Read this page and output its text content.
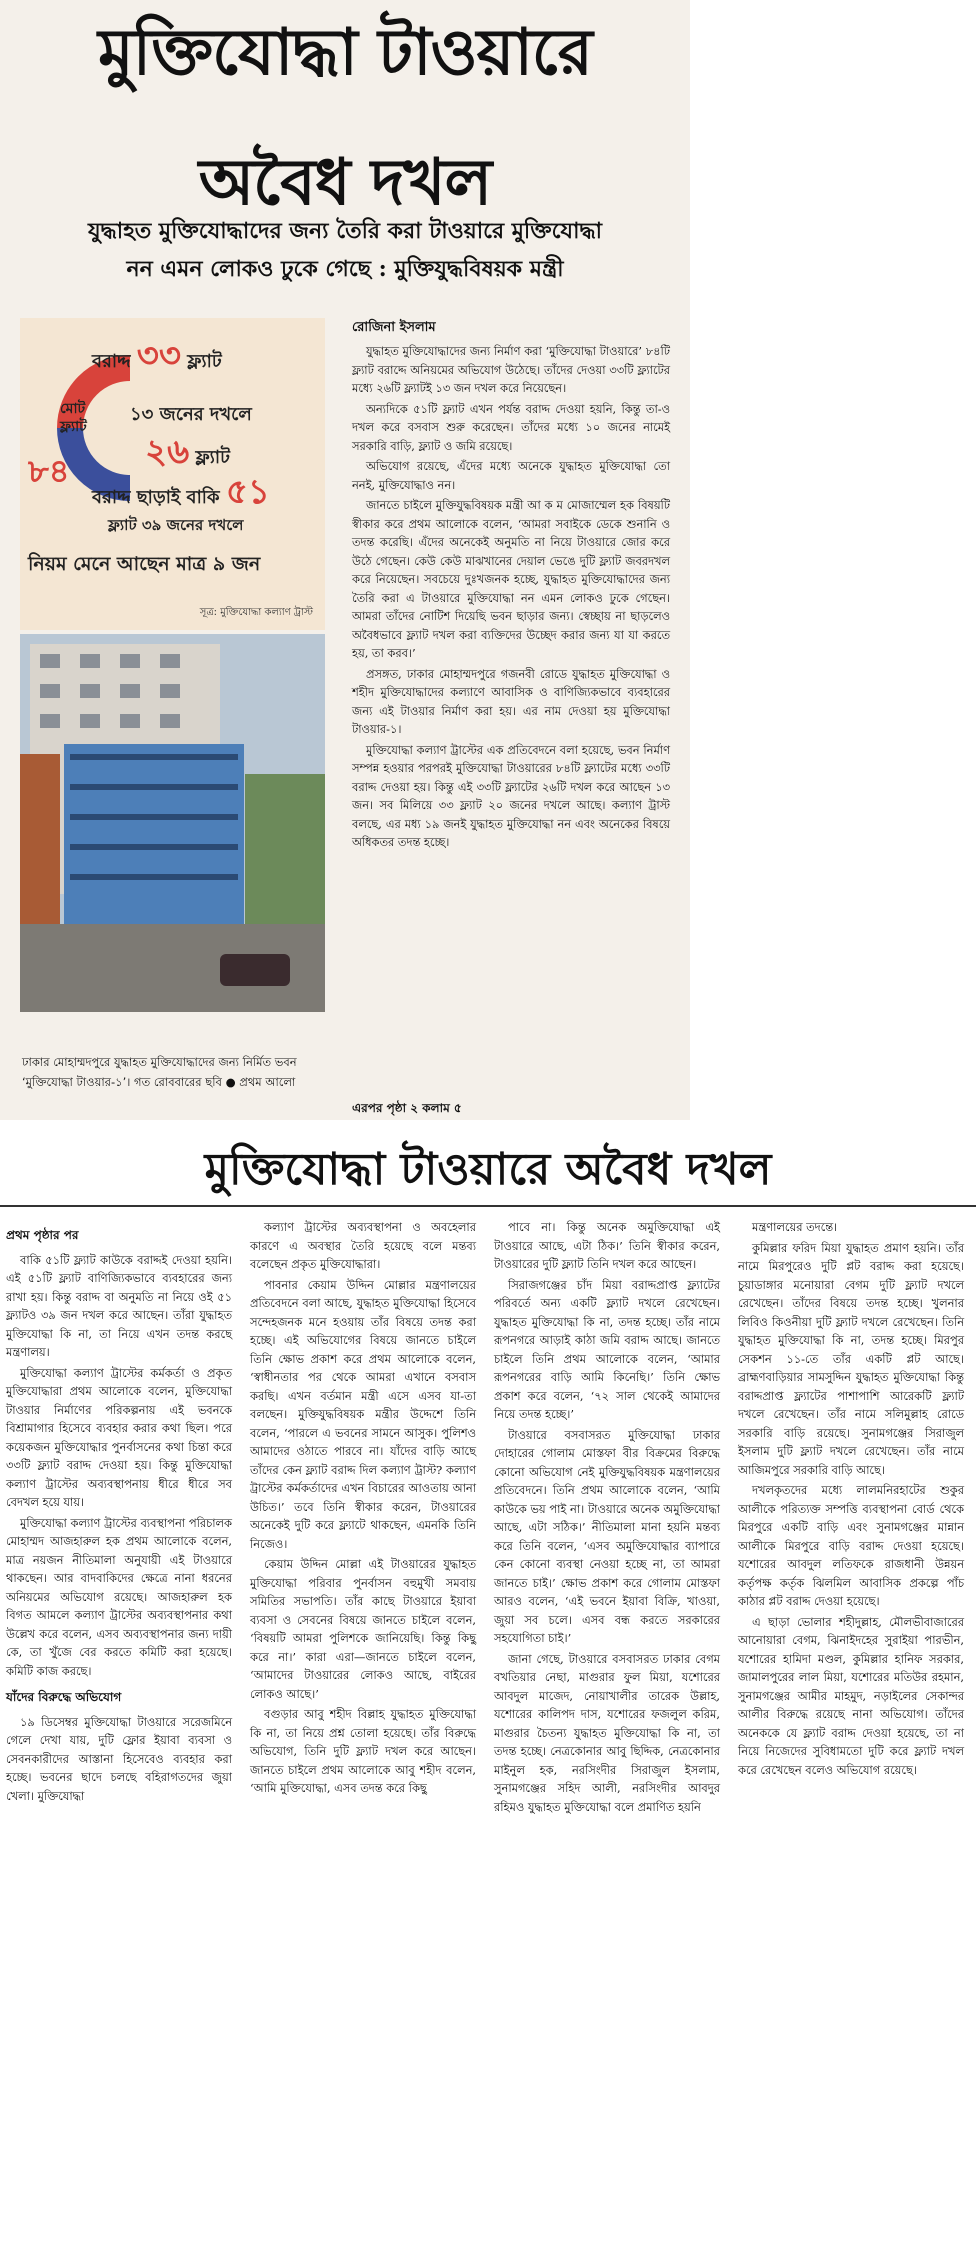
মুক্তিযোদ্ধা টাওয়ারে
অবৈধ দখল
যুদ্ধাহত মুক্তিযোদ্ধাদের জন্য তৈরি করা টাওয়ারে মুক্তিযোদ্ধা
নন এমন লোকও ঢুকে গেছে : মুক্তিযুদ্ধবিষয়ক মন্ত্রী
বরাদ্দ ৩৩ ফ্ল্যাট
মোট ফ্ল্যাট
৮৪
১৩ জনের দখলে
২৬ ফ্ল্যাট
বরাদ্দ ছাড়াই বাকি ৫১
ফ্ল্যাট ৩৯ জনের দখলে
নিয়ম মেনে আছেন মাত্র ৯ জন
সূত্র: মুক্তিযোদ্ধা কল্যাণ ট্রাস্ট
ঢাকার মোহাম্মদপুরে যুদ্ধাহত মুক্তিযোদ্ধাদের জন্য নির্মিত ভবন ‘মুক্তিযোদ্ধা টাওয়ার-১’। গত রোববারের ছবি ● প্রথম আলো
রোজিনা ইসলাম

যুদ্ধাহত মুক্তিযোদ্ধাদের জন্য নির্মাণ করা ‘মুক্তিযোদ্ধা টাওয়ারে’ ৮৪টি ফ্ল্যাট বরাদ্দে অনিয়মের অভিযোগ উঠেছে। তাঁদের দেওয়া ৩৩টি ফ্ল্যাটের মধ্যে ২৬টি ফ্ল্যাটই ১৩ জন দখল করে নিয়েছেন।

অন্যদিকে ৫১টি ফ্ল্যাট এখন পর্যন্ত বরাদ্দ দেওয়া হয়নি, কিন্তু তা-ও দখল করে বসবাস শুরু করেছেন। তাঁদের মধ্যে ১০ জনের নামেই সরকারি বাড়ি, ফ্ল্যাট ও জমি রয়েছে।

অভিযোগ রয়েছে, এঁদের মধ্যে অনেকে যুদ্ধাহত মুক্তিযোদ্ধা তো ননই, মুক্তিযোদ্ধাও নন।

জানতে চাইলে মুক্তিযুদ্ধবিষয়ক মন্ত্রী আ ক ম মোজাম্মেল হক বিষয়টি স্বীকার করে প্রথম আলোকে বলেন, ‘আমরা সবাইকে ডেকে শুনানি ও তদন্ত করেছি। এঁদের অনেকেই অনুমতি না নিয়ে টাওয়ারে জোর করে উঠে গেছেন। কেউ কেউ মাঝখানের দেয়াল ভেঙে দুটি ফ্ল্যাট জবরদখল করে নিয়েছেন। সবচেয়ে দুঃখজনক হচ্ছে, যুদ্ধাহত মুক্তিযোদ্ধাদের জন্য তৈরি করা এ টাওয়ারে মুক্তিযোদ্ধা নন এমন লোকও ঢুকে গেছেন। আমরা তাঁদের নোটিশ দিয়েছি ভবন ছাড়ার জন্য। স্বেচ্ছায় না ছাড়লেও অবৈধভাবে ফ্ল্যাট দখল করা ব্যক্তিদের উচ্ছেদ করার জন্য যা যা করতে হয়, তা করব।’

প্রসঙ্গত, ঢাকার মোহাম্মদপুরে গজনবী রোডে যুদ্ধাহত মুক্তিযোদ্ধা ও শহীদ মুক্তিযোদ্ধাদের কল্যাণে আবাসিক ও বাণিজ্যিকভাবে ব্যবহারের জন্য এই টাওয়ার নির্মাণ করা হয়। এর নাম দেওয়া হয় মুক্তিযোদ্ধা টাওয়ার-১।

মুক্তিযোদ্ধা কল্যাণ ট্রাস্টের এক প্রতিবেদনে বলা হয়েছে, ভবন নির্মাণ সম্পন্ন হওয়ার পরপরই মুক্তিযোদ্ধা টাওয়ারের ৮৪টি ফ্ল্যাটের মধ্যে ৩৩টি বরাদ্দ দেওয়া হয়। কিন্তু এই ৩৩টি ফ্ল্যাটের ২৬টি দখল করে আছেন ১৩ জন। সব মিলিয়ে ৩৩ ফ্ল্যাট ২০ জনের দখলে আছে। কল্যাণ ট্রাস্ট বলছে, এর মধ্য ১৯ জনই যুদ্ধাহত মুক্তিযোদ্ধা নন এবং অনেকের বিষয়ে অধিকতর তদন্ত হচ্ছে।

এরপর পৃষ্ঠা ২ কলাম ৫
মুক্তিযোদ্ধা টাওয়ারে অবৈধ দখল
প্রথম পৃষ্ঠার পর

বাকি ৫১টি ফ্ল্যাট কাউকে বরাদ্দই দেওয়া হয়নি। এই ৫১টি ফ্ল্যাট বাণিজ্যিকভাবে ব্যবহারের জন্য রাখা হয়। কিন্তু বরাদ্দ বা অনুমতি না নিয়ে ওই ৫১ ফ্ল্যাটও ৩৯ জন দখল করে আছেন। তাঁরা যুদ্ধাহত মুক্তিযোদ্ধা কি না, তা নিয়ে এখন তদন্ত করছে মন্ত্রণালয়।

মুক্তিযোদ্ধা কল্যাণ ট্রাস্টের কর্মকর্তা ও প্রকৃত মুক্তিযোদ্ধারা প্রথম আলোকে বলেন, মুক্তিযোদ্ধা টাওয়ার নির্মাণের পরিকল্পনায় এই ভবনকে বিশ্রামাগার হিসেবে ব্যবহার করার কথা ছিল। পরে কয়েকজন মুক্তিযোদ্ধার পুনর্বাসনের কথা চিন্তা করে ৩৩টি ফ্ল্যাট বরাদ্দ দেওয়া হয়। কিন্তু মুক্তিযোদ্ধা কল্যাণ ট্রাস্টের অব্যবস্থাপনায় ধীরে ধীরে সব বেদখল হয়ে যায়।

মুক্তিযোদ্ধা কল্যাণ ট্রাস্টের ব্যবস্থাপনা পরিচালক মোহাম্মদ আজহারুল হক প্রথম আলোকে বলেন, মাত্র নয়জন নীতিমালা অনুযায়ী এই টাওয়ারে থাকছেন। আর বাদবাকিদের ক্ষেত্রে নানা ধরনের অনিয়মের অভিযোগ রয়েছে। আজহারুল হক বিগত আমলে কল্যাণ ট্রাস্টের অব্যবস্থাপনার কথা উল্লেখ করে বলেন, এসব অব্যবস্থাপনার জন্য দায়ী কে, তা খুঁজে বের করতে কমিটি করা হয়েছে। কমিটি কাজ করছে।

যাঁদের বিরুদ্ধে অভিযোগ

১৯ ডিসেম্বর মুক্তিযোদ্ধা টাওয়ারে সরেজমিনে গেলে দেখা যায়, দুটি ফ্লোর ইয়াবা ব্যবসা ও সেবনকারীদের আস্তানা হিসেবেও ব্যবহার করা হচ্ছে। ভবনের ছাদে চলছে বহিরাগতদের জুয়া খেলা। মুক্তিযোদ্ধা

কল্যাণ ট্রাস্টের অব্যবস্থাপনা ও অবহেলার কারণে এ অবস্থার তৈরি হয়েছে বলে মন্তব্য বলেছেন প্রকৃত মুক্তিযোদ্ধারা।

পাবনার কেয়াম উদ্দিন মোল্লার মন্ত্রণালয়ের প্রতিবেদনে বলা আছে, যুদ্ধাহত মুক্তিযোদ্ধা হিসেবে সন্দেহজনক মনে হওয়ায় তাঁর বিষয়ে তদন্ত করা হচ্ছে। এই অভিযোগের বিষয়ে জানতে চাইলে তিনি ক্ষোভ প্রকাশ করে প্রথম আলোকে বলেন, ‘স্বাধীনতার পর থেকে আমরা এখানে বসবাস করছি। এখন বর্তমান মন্ত্রী এসে এসব যা-তা বলছেন। মুক্তিযুদ্ধবিষয়ক মন্ত্রীর উদ্দেশে তিনি বলেন, ‘পারলে এ ভবনের সামনে আসুক। পুলিশও আমাদের ওঠাতে পারবে না। যাঁদের বাড়ি আছে তাঁদের কেন ফ্ল্যাট বরাদ্দ দিল কল্যাণ ট্রাস্ট? কল্যাণ ট্রাস্টের কর্মকর্তাদের এখন বিচারের আওতায় আনা উচিত।’ তবে তিনি স্বীকার করেন, টাওয়ারের অনেকেই দুটি করে ফ্ল্যাটে থাকছেন, এমনকি তিনি নিজেও।

কেয়াম উদ্দিন মোল্লা এই টাওয়ারের যুদ্ধাহত মুক্তিযোদ্ধা পরিবার পুনর্বাসন বহুমুখী সমবায় সমিতির সভাপতি। তাঁর কাছে টাওয়ারে ইয়াবা ব্যবসা ও সেবনের বিষয়ে জানতে চাইলে বলেন, ‘বিষয়টি আমরা পুলিশকে জানিয়েছি। কিন্তু কিছু করে না।’ কারা এরা—জানতে চাইলে বলেন, ‘আমাদের টাওয়ারের লোকও আছে, বাইরের লোকও আছে।’

বগুড়ার আবু শহীদ বিল্লাহ যুদ্ধাহত মুক্তিযোদ্ধা কি না, তা নিয়ে প্রশ্ন তোলা হয়েছে। তাঁর বিরুদ্ধে অভিযোগ, তিনি দুটি ফ্ল্যাট দখল করে আছেন। জানতে চাইলে প্রথম আলোকে আবু শহীদ বলেন, ‘আমি মুক্তিযোদ্ধা, এসব তদন্ত করে কিছু

পাবে না। কিন্তু অনেক অমুক্তিযোদ্ধা এই টাওয়ারে আছে, এটা ঠিক।’ তিনি স্বীকার করেন, টাওয়ারের দুটি ফ্ল্যাট তিনি দখল করে আছেন।

সিরাজগঞ্জের চাঁদ মিয়া বরাদ্দপ্রাপ্ত ফ্ল্যাটের পরিবর্তে অন্য একটি ফ্ল্যাট দখলে রেখেছেন। যুদ্ধাহত মুক্তিযোদ্ধা কি না, তদন্ত হচ্ছে। তাঁর নামে রূপনগরে আড়াই কাঠা জমি বরাদ্দ আছে। জানতে চাইলে তিনি প্রথম আলোকে বলেন, ‘আমার রূপনগরের বাড়ি আমি কিনেছি।’ তিনি ক্ষোভ প্রকাশ করে বলেন, ‘৭২ সাল থেকেই আমাদের নিয়ে তদন্ত হচ্ছে।’

টাওয়ারে বসবাসরত মুক্তিযোদ্ধা ঢাকার দোহারের গোলাম মোস্তফা বীর বিক্রমের বিরুদ্ধে কোনো অভিযোগ নেই মুক্তিযুদ্ধবিষয়ক মন্ত্রণালয়ের প্রতিবেদনে। তিনি প্রথম আলোকে বলেন, ‘আমি কাউকে ভয় পাই না। টাওয়ারে অনেক অমুক্তিযোদ্ধা আছে, এটা সঠিক।’ নীতিমালা মানা হয়নি মন্তব্য করে তিনি বলেন, ‘এসব অমুক্তিযোদ্ধার ব্যাপারে কেন কোনো ব্যবস্থা নেওয়া হচ্ছে না, তা আমরা জানতে চাই।’ ক্ষোভ প্রকাশ করে গোলাম মোস্তফা আরও বলেন, ‘এই ভবনে ইয়াবা বিক্রি, খাওয়া, জুয়া সব চলে। এসব বন্ধ করতে সরকারের সহযোগিতা চাই।’

জানা গেছে, টাওয়ারে বসবাসরত ঢাকার বেগম বখতিয়ার নেছা, মাগুরার ফুল মিয়া, যশোরের আবদুল মাজেদ, নোয়াখালীর তারেক উল্লাহ, যশোরের কালিপদ দাস, যশোরের ফজলুল করিম, মাগুরার চৈতন্য যুদ্ধাহত মুক্তিযোদ্ধা কি না, তা তদন্ত হচ্ছে। নেত্রকোনার আবু ছিদ্দিক, নেত্রকোনার মাইনুল হক, নরসিংদীর সিরাজুল ইসলাম, সুনামগঞ্জের সহিদ আলী, নরসিংদীর আবদুর রহিমও যুদ্ধাহত মুক্তিযোদ্ধা বলে প্রমাণিত হয়নি

মন্ত্রণালয়ের তদন্তে।

কুমিল্লার ফরিদ মিয়া যুদ্ধাহত প্রমাণ হয়নি। তাঁর নামে মিরপুরেও দুটি প্লট বরাদ্দ করা হয়েছে। চুয়াডাঙ্গার মনোয়ারা বেগম দুটি ফ্ল্যাট দখলে রেখেছেন। তাঁদের বিষয়ে তদন্ত হচ্ছে। খুলনার লিবিও কিওনীয়া দুটি ফ্ল্যাট দখলে রেখেছেন। তিনি যুদ্ধাহত মুক্তিযোদ্ধা কি না, তদন্ত হচ্ছে। মিরপুর সেকশন ১১-তে তাঁর একটি প্লট আছে। ব্রাহ্মণবাড়িয়ার সামসুদ্দিন যুদ্ধাহত মুক্তিযোদ্ধা কিন্তু বরাদ্দপ্রাপ্ত ফ্ল্যাটের পাশাপাশি আরেকটি ফ্ল্যাট দখলে রেখেছেন। তাঁর নামে সলিমুল্লাহ রোডে সরকারি বাড়ি রয়েছে। সুনামগঞ্জের সিরাজুল ইসলাম দুটি ফ্ল্যাট দখলে রেখেছেন। তাঁর নামে আজিমপুরে সরকারি বাড়ি আছে।

দখলকৃতদের মধ্যে লালমনিরহাটের শুকুর আলীকে পরিত্যক্ত সম্পত্তি ব্যবস্থাপনা বোর্ড থেকে মিরপুরে একটি বাড়ি এবং সুনামগঞ্জের মান্নান আলীকে মিরপুরে বাড়ি বরাদ্দ দেওয়া হয়েছে। যশোরের আবদুল লতিফকে রাজধানী উন্নয়ন কর্তৃপক্ষ কর্তৃক ঝিলমিল আবাসিক প্রকল্পে পাঁচ কাঠার প্লট বরাদ্দ দেওয়া হয়েছে।

এ ছাড়া ভোলার শহীদুল্লাহ, মৌলভীবাজারের আনোয়ারা বেগম, ঝিনাইদহের সুরাইয়া পারভীন, যশোরের হামিদা মণ্ডল, কুমিল্লার হানিফ সরকার, জামালপুরের লাল মিয়া, যশোরের মতিউর রহমান, সুনামগঞ্জের আমীর মাহমুদ, নড়াইলের সেকান্দর আলীর বিরুদ্ধে রয়েছে নানা অভিযোগ। তাঁদের অনেককে যে ফ্ল্যাট বরাদ্দ দেওয়া হয়েছে, তা না নিয়ে নিজেদের সুবিধামতো দুটি করে ফ্ল্যাট দখল করে রেখেছেন বলেও অভিযোগ রয়েছে।
